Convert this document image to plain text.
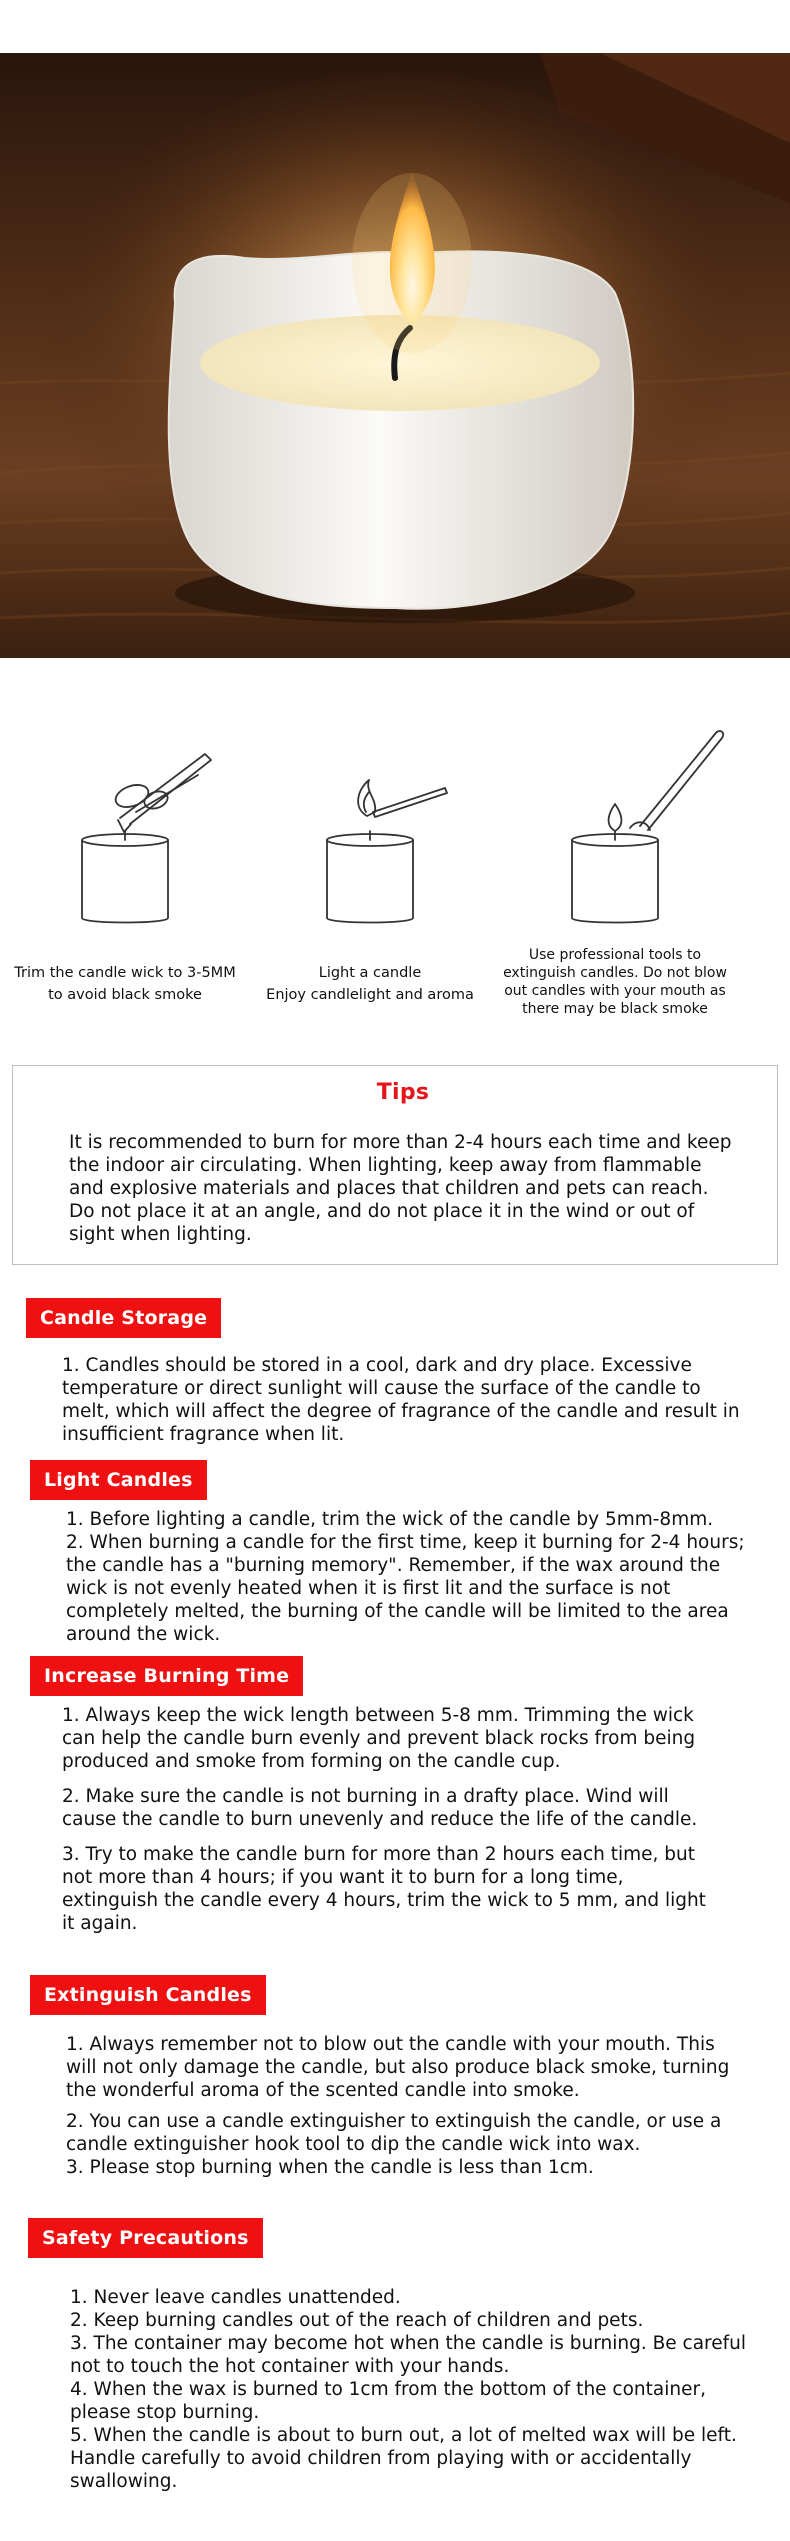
Trim the candle wick to 3-5MM
to avoid black smoke
Light a candle
Enjoy candlelight and aroma
Use professional tools to
extinguish candles. Do not blow
out candles with your mouth as
there may be black smoke
Tips

It is recommended to burn for more than 2-4 hours each time and keep the indoor air circulating. When lighting, keep away from flammable and explosive materials and places that children and pets can reach. Do not place it at an angle, and do not place it in the wind or out of sight when lighting.

Candle Storage

1. Candles should be stored in a cool, dark and dry place. Excessive temperature or direct sunlight will cause the surface of the candle to melt, which will affect the degree of fragrance of the candle and result in insufficient fragrance when lit.

Light Candles

1. Before lighting a candle, trim the wick of the candle by 5mm-8mm.

2. When burning a candle for the first time, keep it burning for 2-4 hours; the candle has a "burning memory". Remember, if the wax around the wick is not evenly heated when it is first lit and the surface is not completely melted, the burning of the candle will be limited to the area around the wick.

Increase Burning Time

1. Always keep the wick length between 5-8 mm. Trimming the wick can help the candle burn evenly and prevent black rocks from being produced and smoke from forming on the candle cup.

2. Make sure the candle is not burning in a drafty place. Wind will cause the candle to burn unevenly and reduce the life of the candle.

3. Try to make the candle burn for more than 2 hours each time, but not more than 4 hours; if you want it to burn for a long time, extinguish the candle every 4 hours, trim the wick to 5 mm, and light it again.

Extinguish Candles

1. Always remember not to blow out the candle with your mouth. This will not only damage the candle, but also produce black smoke, turning the wonderful aroma of the scented candle into smoke.

2. You can use a candle extinguisher to extinguish the candle, or use a candle extinguisher hook tool to dip the candle wick into wax.

3. Please stop burning when the candle is less than 1cm.

Safety Precautions

1. Never leave candles unattended.

2. Keep burning candles out of the reach of children and pets.

3. The container may become hot when the candle is burning. Be careful not to touch the hot container with your hands.

4. When the wax is burned to 1cm from the bottom of the container, please stop burning.

5. When the candle is about to burn out, a lot of melted wax will be left. Handle carefully to avoid children from playing with or accidentally swallowing.
